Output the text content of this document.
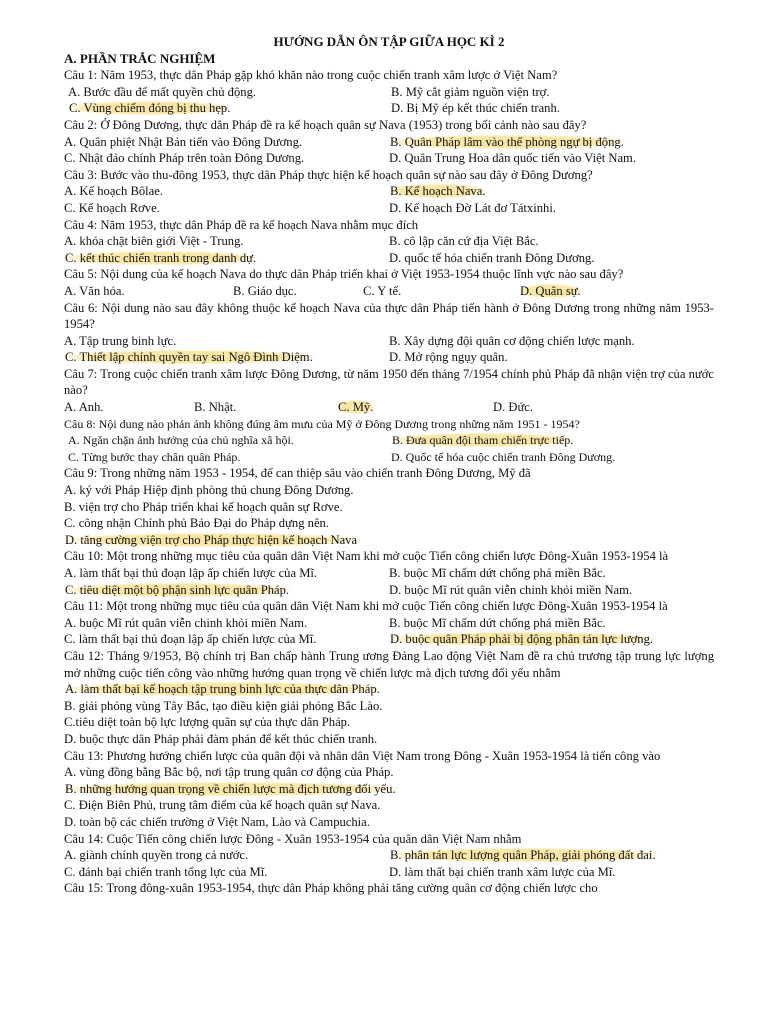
HƯỚNG DẪN ÔN TẬP GIỮA HỌC KÌ 2
A. PHẦN TRẮC NGHIỆM
Câu 1: Năm 1953, thực dân Pháp gặp khó khăn nào trong cuộc chiến tranh xâm lược ở Việt Nam?
A. Bước đầu để mất quyền chủ động.	B. Mỹ cắt giảm nguồn viện trợ.
C. Vùng chiếm đóng bị thu hẹp.	D. Bị Mỹ ép kết thúc chiến tranh.
Câu 2: Ở Đông Dương, thực dân Pháp đề ra kế hoạch quân sự Nava (1953) trong bối cảnh nào sau đây?
A. Quân phiệt Nhật Bản tiến vào Đông Dương.	B. Quân Pháp lâm vào thế phòng ngự bị động.
C. Nhật đảo chính Pháp trên toàn Đông Dương.	D. Quân Trung Hoa dân quốc tiến vào Việt Nam.
Câu 3: Bước vào thu-đông 1953, thực dân Pháp thực hiện kế hoạch quân sự nào sau đây ở Đông Dương?
A. Kế hoạch Bôlae.	B. Kế hoạch Nava.
C. Kế hoạch Rơve.	D. Kế hoạch Đờ Lát đơ Tátxinhi.
Câu 4: Năm 1953, thực dân Pháp đề ra kế hoạch Nava nhằm mục đích
A. khóa chặt biên giới Việt - Trung.	B. cô lập căn cứ địa Việt Bắc.
C. kết thúc chiến tranh trong danh dự.	D. quốc tế hóa chiến tranh Đông Dương.
Câu 5: Nội dung của kế hoạch Nava do thực dân Pháp triển khai ở Việt 1953-1954 thuộc lĩnh vực nào sau đây?
A. Văn hóa.	B. Giáo dục.	C. Y tế.	D. Quân sự.
Câu 6: Nội dung nào sau đây không thuộc kế hoạch Nava của thực dân Pháp tiến hành ở Đông Dương trong những năm 1953-1954?
A. Tập trung binh lực.	B. Xây dựng đội quân cơ động chiến lược mạnh.
C. Thiết lập chính quyền tay sai Ngô Đình Diệm.	D. Mở rộng ngụy quân.
Câu 7: Trong cuộc chiến tranh xâm lược Đông Dương, từ năm 1950 đến tháng 7/1954 chính phủ Pháp đã nhận viện trợ của nước nào?
A. Anh.	B. Nhật.	C. Mỹ.	D. Đức.
Câu 8: Nội dung nào phản ánh không đúng âm mưu của Mỹ ở Đông Dương trong những năm 1951 - 1954?
A. Ngăn chặn ảnh hưởng của chủ nghĩa xã hội.	B. Đưa quân đội tham chiến trực tiếp.
C. Từng bước thay chân quân Pháp.	D. Quốc tế hóa cuộc chiến tranh Đông Dương.
Câu 9: Trong những năm 1953 - 1954, để can thiệp sâu vào chiến tranh Đông Dương, Mỹ đã
A. ký với Pháp Hiệp định phòng thủ chung Đông Dương.
B. viện trợ cho Pháp triển khai kế hoạch quân sự Rơve.
C. công nhận Chính phủ Bảo Đại do Pháp dựng nên.
D. tăng cường viện trợ cho Pháp thực hiện kế hoạch Nava
Câu 10: Một trong những mục tiêu của quân dân Việt Nam khi mở cuộc Tiến công chiến lược Đông-Xuân 1953-1954 là
A. làm thất bại thủ đoạn lập ấp chiến lược của Mĩ.	B. buộc Mĩ chấm dứt chống phá miền Bắc.
C. tiêu diệt một bộ phận sinh lực quân Pháp.	D. buộc Mĩ rút quân viễn chinh khỏi miền Nam.
Câu 11: Một trong những mục tiêu của quân dân Việt Nam khi mở cuộc Tiến công chiến lược Đông-Xuân 1953-1954 là
A. buộc Mĩ rút quân viễn chinh khỏi miền Nam.	B. buộc Mĩ chấm dứt chống phá miền Bắc.
C. làm thất bại thủ đoạn lập ấp chiến lược của Mĩ.	D. buộc quân Pháp phải bị động phân tán lực lượng.
Câu 12: Tháng 9/1953, Bộ chính trị Ban chấp hành Trung ương Đảng Lao động Việt Nam đề ra chủ trương tập trung lực lượng mở những cuộc tiến công vào những hướng quan trọng về chiến lược mà địch tương đối yếu nhằm
A. làm thất bại kế hoạch tập trung binh lực của thực dân Pháp.
B. giải phóng vùng Tây Bắc, tạo điều kiện giải phóng Bắc Lào.
C.tiêu diệt toàn bộ lực lượng quân sự của thực dân Pháp.
D. buộc thực dân Pháp phải đàm phán để kết thúc chiến tranh.
Câu 13: Phương hướng chiến lược của quân đội và nhân dân Việt Nam trong Đông - Xuân 1953-1954 là tiến công vào
A. vùng đồng bằng Bắc bộ, nơi tập trung quân cơ động của Pháp.
B. những hướng quan trọng về chiến lược mà địch tương đối yếu.
C. Điện Biên Phủ, trung tâm điểm của kế hoạch quân sự Nava.
D. toàn bộ các chiến trường ở Việt Nam, Lào và Campuchia.
Câu 14: Cuộc Tiến công chiến lược Đông - Xuân 1953-1954 của quân dân Việt Nam nhằm
A. giành chính quyền trong cả nước.	B. phân tán lực lượng quân Pháp, giải phóng đất đai.
C. đánh bại chiến tranh tổng lực của Mĩ.	D. làm thất bại chiến tranh xâm lược của Mĩ.
Câu 15: Trong đông-xuân 1953-1954, thực dân Pháp không phải tăng cường quân cơ động chiến lược cho
